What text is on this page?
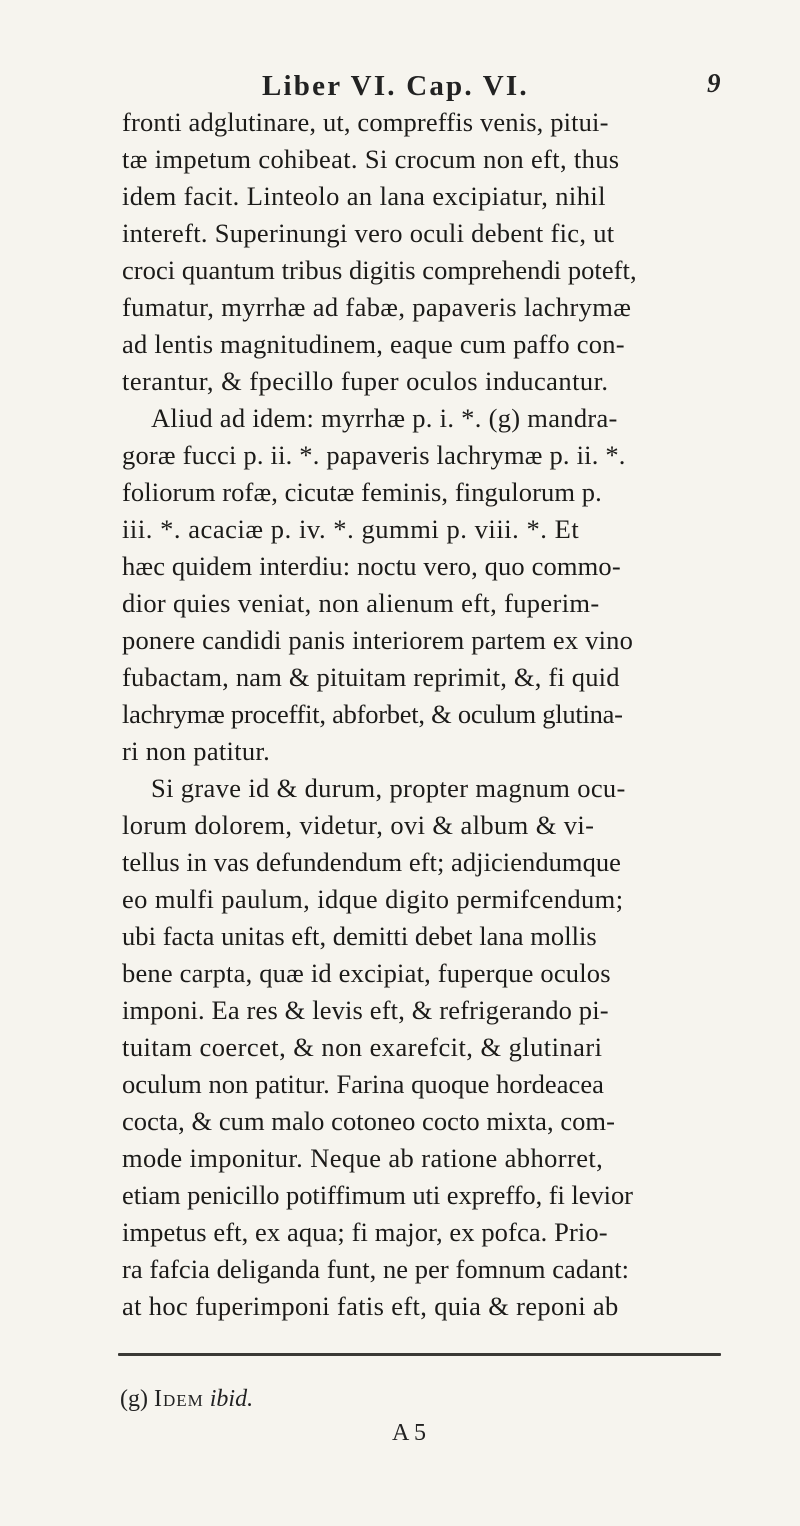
Liber VI. Cap. VI.	9
fronti adglutinare, ut, compreffis venis, pitui-
tæ impetum cohibeat. Si crocum non eft, thus
idem facit. Linteolo an lana excipiatur, nihil
intereft. Superinungi vero oculi debent fic, ut
croci quantum tribus digitis comprehendi poteft,
fumatur, myrrhæ ad fabæ, papaveris lachrymæ
ad lentis magnitudinem, eaque cum paffo con-
terantur, & fpecillo fuper oculos inducantur.
Aliud ad idem: myrrhæ p. i. *. (g) mandra-
goræ fucci p. ii. *. papaveris lachrymæ p. ii. *.
foliorum rofæ, cicutæ feminis, fingulorum p.
iii. *. acaciæ p. iv. *. gummi p. viii. *. Et
hæc quidem interdiu: noctu vero, quo commo-
dior quies veniat, non alienum eft, fuperim-
ponere candidi panis interiorem partem ex vino
fubactam, nam & pituitam reprimit, &, fi quid
lachrymæ proceffit, abforbet, & oculum glutina-
ri non patitur.
Si grave id & durum, propter magnum ocu-
lorum dolorem, videtur, ovi & album & vi-
tellus in vas defundendum eft; adjiciendumque
eo mulfi paulum, idque digito permifcendum;
ubi facta unitas eft, demitti debet lana mollis
bene carpta, quæ id excipiat, fuperque oculos
imponi. Ea res & levis eft, & refrigerando pi-
tuitam coercet, & non exarefcit, & glutinari
oculum non patitur. Farina quoque hordeacea
cocta, & cum malo cotoneo cocto mixta, com-
mode imponitur. Neque ab ratione abhorret,
etiam penicillo potiffimum uti expreffo, fi levior
impetus eft, ex aqua; fi major, ex pofca. Prio-
ra fafcia deliganda funt, ne per fomnum cadant:
at hoc fuperimponi fatis eft, quia & reponi ab
(g) Idem ibid.
A 5
